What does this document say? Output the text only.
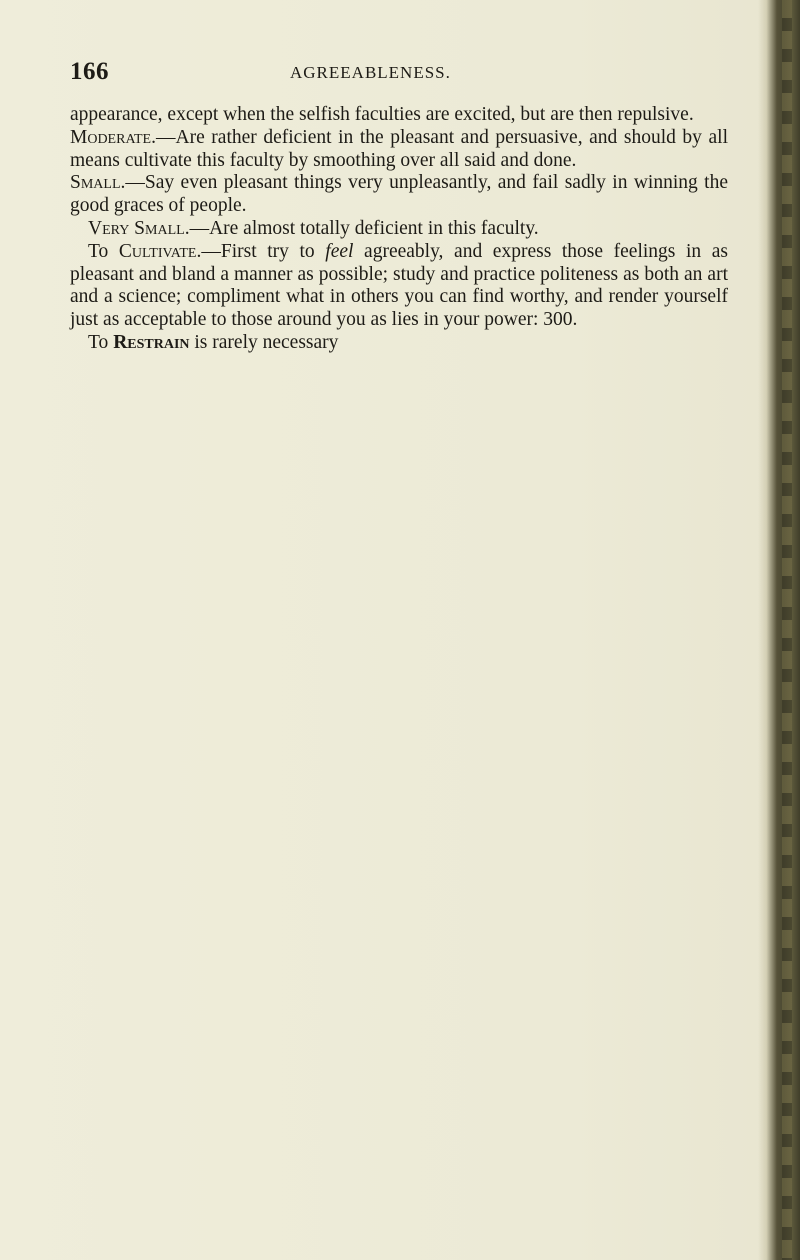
166	AGREEABLENESS.

appearance, except when the selfish faculties are excited, but are then repulsive.

Moderate.—Are rather deficient in the pleasant and persuasive, and should by all means cultivate this faculty by smoothing over all said and done.

Small.—Say even pleasant things very unpleasantly, and fail sadly in winning the good graces of people.

Very Small.—Are almost totally deficient in this faculty.

To Cultivate.—First try to feel agreeably, and express those feelings in as pleasant and bland a manner as possible; study and practice politeness as both an art and a science; compliment what in others you can find worthy, and render yourself just as acceptable to those around you as lies in your power: 300.

To Restrain is rarely necessary
